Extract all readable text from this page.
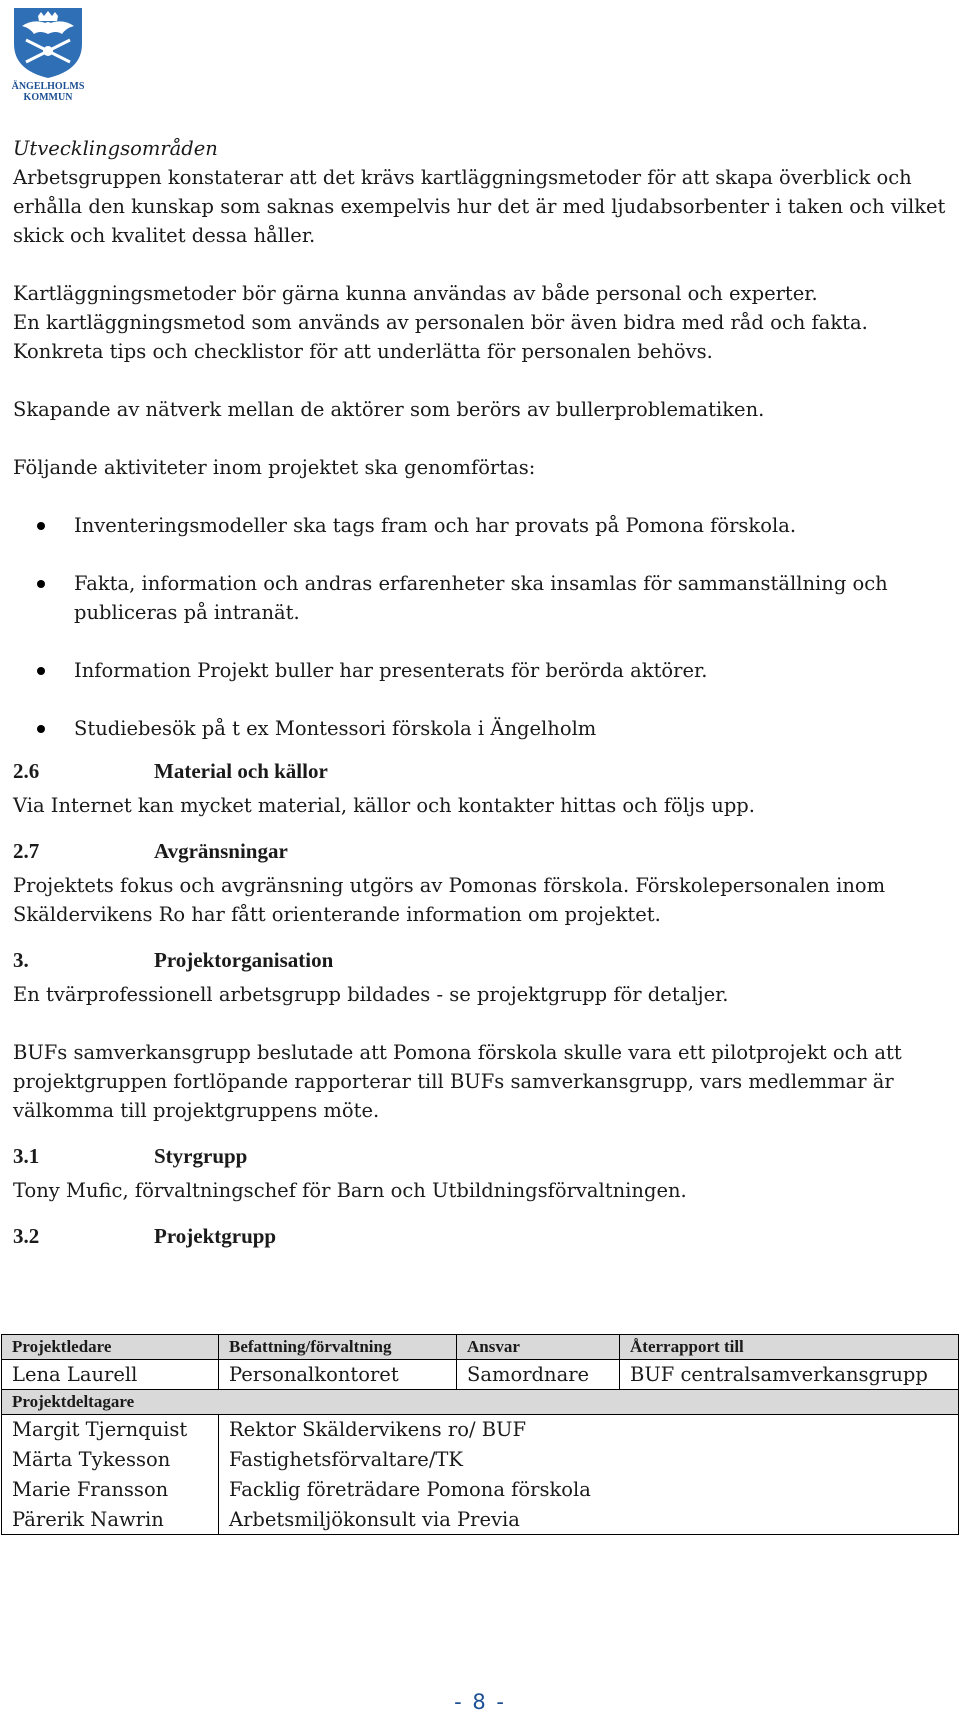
ÄNGELHOLMS
KOMMUN

Utvecklingsområden

Arbetsgruppen konstaterar att det krävs kartläggningsmetoder för att skapa överblick och erhålla den kunskap som saknas exempelvis hur det är med ljudabsorbenter i taken och vilket skick och kvalitet dessa håller.

Kartläggningsmetoder bör gärna kunna användas av både personal och experter.

En kartläggningsmetod som används av personalen bör även bidra med råd och fakta.

Konkreta tips och checklistor för att underlätta för personalen behövs.

Skapande av nätverk mellan de aktörer som berörs av bullerproblematiken.

Följande aktiviteter inom projektet ska genomförtas:

Inventeringsmodeller ska tags fram och har provats på Pomona förskola.
Fakta, information och andras erfarenheter ska insamlas för sammanställning och publiceras på intranät.
Information Projekt buller har presenterats för berörda aktörer.
Studiebesök på t ex Montessori förskola i Ängelholm
2.6	Material och källor

Via Internet kan mycket material, källor och kontakter hittas och följs upp.

2.7	Avgränsningar

Projektets fokus och avgränsning utgörs av Pomonas förskola. Förskolepersonalen inom Skäldervikens Ro har fått orienterande information om projektet.

3.	Projektorganisation

En tvärprofessionell arbetsgrupp bildades - se projektgrupp för detaljer.

BUFs samverkansgrupp beslutade att Pomona förskola skulle vara ett pilotprojekt och att projektgruppen fortlöpande rapporterar till BUFs samverkansgrupp, vars medlemmar är välkomma till projektgruppens möte.

3.1	Styrgrupp

Tony Mufic, förvaltningschef för Barn och Utbildningsförvaltningen.

3.2	Projektgrupp
Projektledare	Befattning/förvaltning	Ansvar	Återrapport till
Lena Laurell	Personalkontoret	Samordnare	BUF centralsamverkansgrupp
Projektdeltagare			
Margit Tjernquist	Rektor Skäldervikens ro/ BUF		
Märta Tykesson	Fastighetsförvaltare/TK		
Marie Fransson	Facklig företrädare Pomona förskola		
Pärerik Nawrin	Arbetsmiljökonsult via Previa		
- 8 -
